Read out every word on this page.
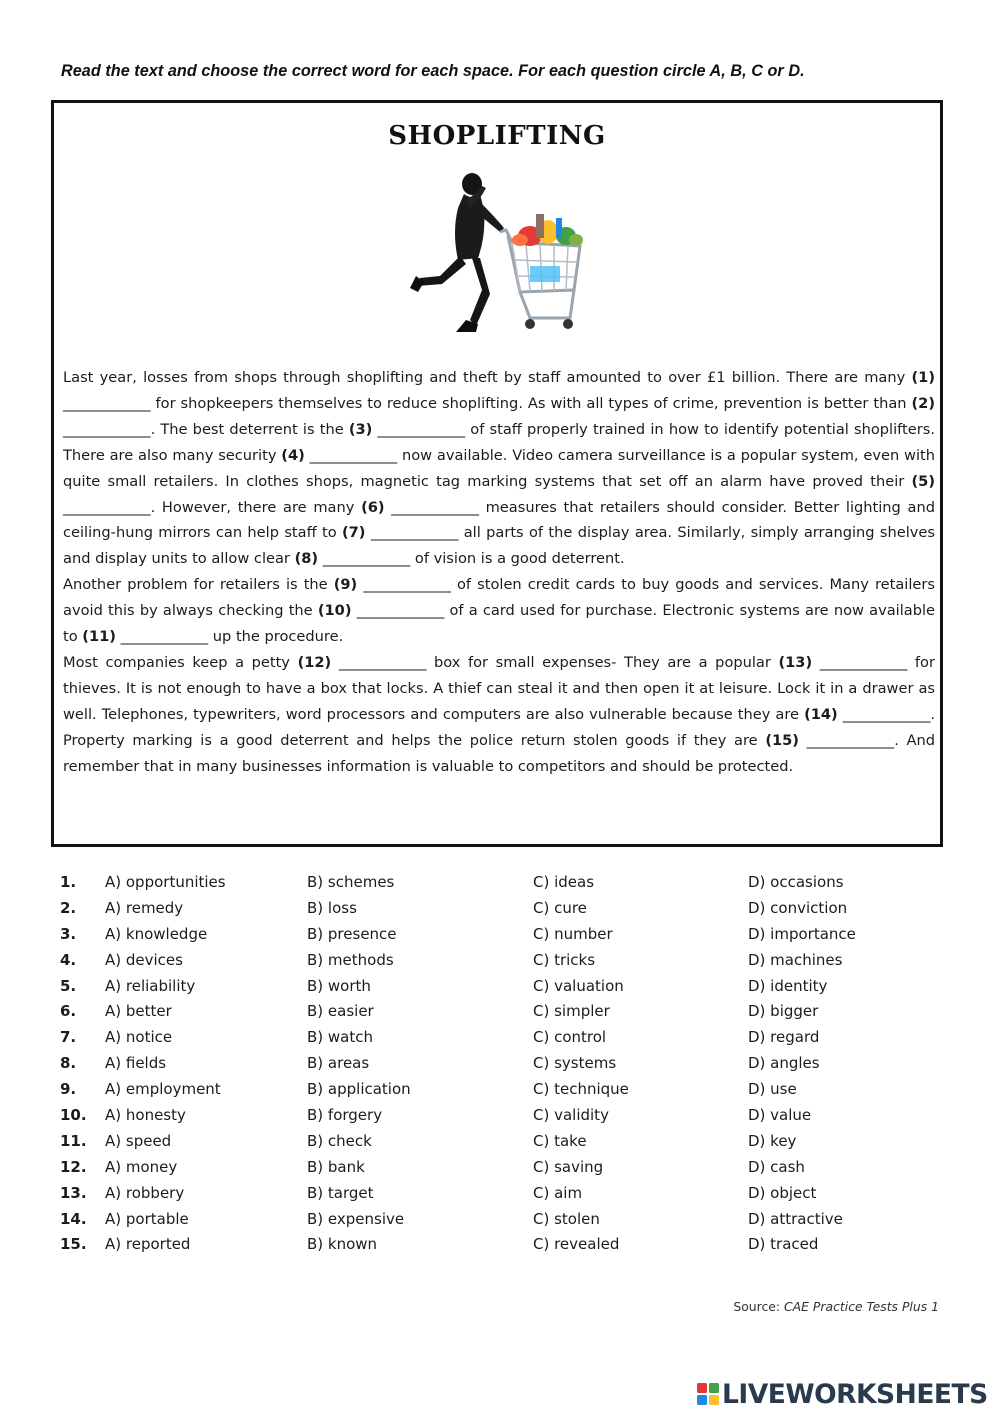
Read the text and choose the correct word for each space. For each question circle A, B, C or D.
SHOPLIFTING

Last year, losses from shops through shoplifting and theft by staff amounted to over £1 billion. There are many (1) ____________ for shopkeepers themselves to reduce shoplifting. As with all types of crime, prevention is better than (2) ____________. The best deterrent is the (3) ____________ of staff properly trained in how to identify potential shoplifters. There are also many security (4) ____________ now available. Video camera surveillance is a popular system, even with quite small retailers. In clothes shops, magnetic tag marking systems that set off an alarm have proved their (5) ____________. However, there are many (6) ____________ measures that retailers should consider. Better lighting and ceiling-hung mirrors can help staff to (7) ____________ all parts of the display area. Similarly, simply arranging shelves and display units to allow clear (8) ____________ of vision is a good deterrent.

Another problem for retailers is the (9) ____________ of stolen credit cards to buy goods and services. Many retailers avoid this by always checking the (10) ____________ of a card used for purchase. Electronic systems are now available to (11) ____________ up the procedure.

Most companies keep a petty (12) ____________ box for small expenses- They are a popular (13) ____________ for thieves. It is not enough to have a box that locks. A thief can steal it and then open it at leisure. Lock it in a drawer as well. Telephones, typewriters, word processors and computers are also vulnerable because they are (14) ____________. Property marking is a good deterrent and helps the police return stolen goods if they are (15) ____________. And remember that in many businesses information is valuable to competitors and should be protected.

1. A) opportunities	B) schemes	C) ideas	D) occasions
2. A) remedy	B) loss	C) cure	D) conviction
3. A) knowledge	B) presence	C) number	D) importance
4. A) devices	B) methods	C) tricks	D) machines
5. A) reliability	B) worth	C) valuation	D) identity
6. A) better	B) easier	C) simpler	D) bigger
7. A) notice	B) watch	C) control	D) regard
8. A) fields	B) areas	C) systems	D) angles
9. A) employment	B) application	C) technique	D) use
10. A) honesty	B) forgery	C) validity	D) value
11. A) speed	B) check	C) take	D) key
12. A) money	B) bank	C) saving	D) cash
13. A) robbery	B) target	C) aim	D) object
14. A) portable	B) expensive	C) stolen	D) attractive
15. A) reported	B) known	C) revealed	D) traced
Source: CAE Practice Tests Plus 1
LIVEWORKSHEETS
